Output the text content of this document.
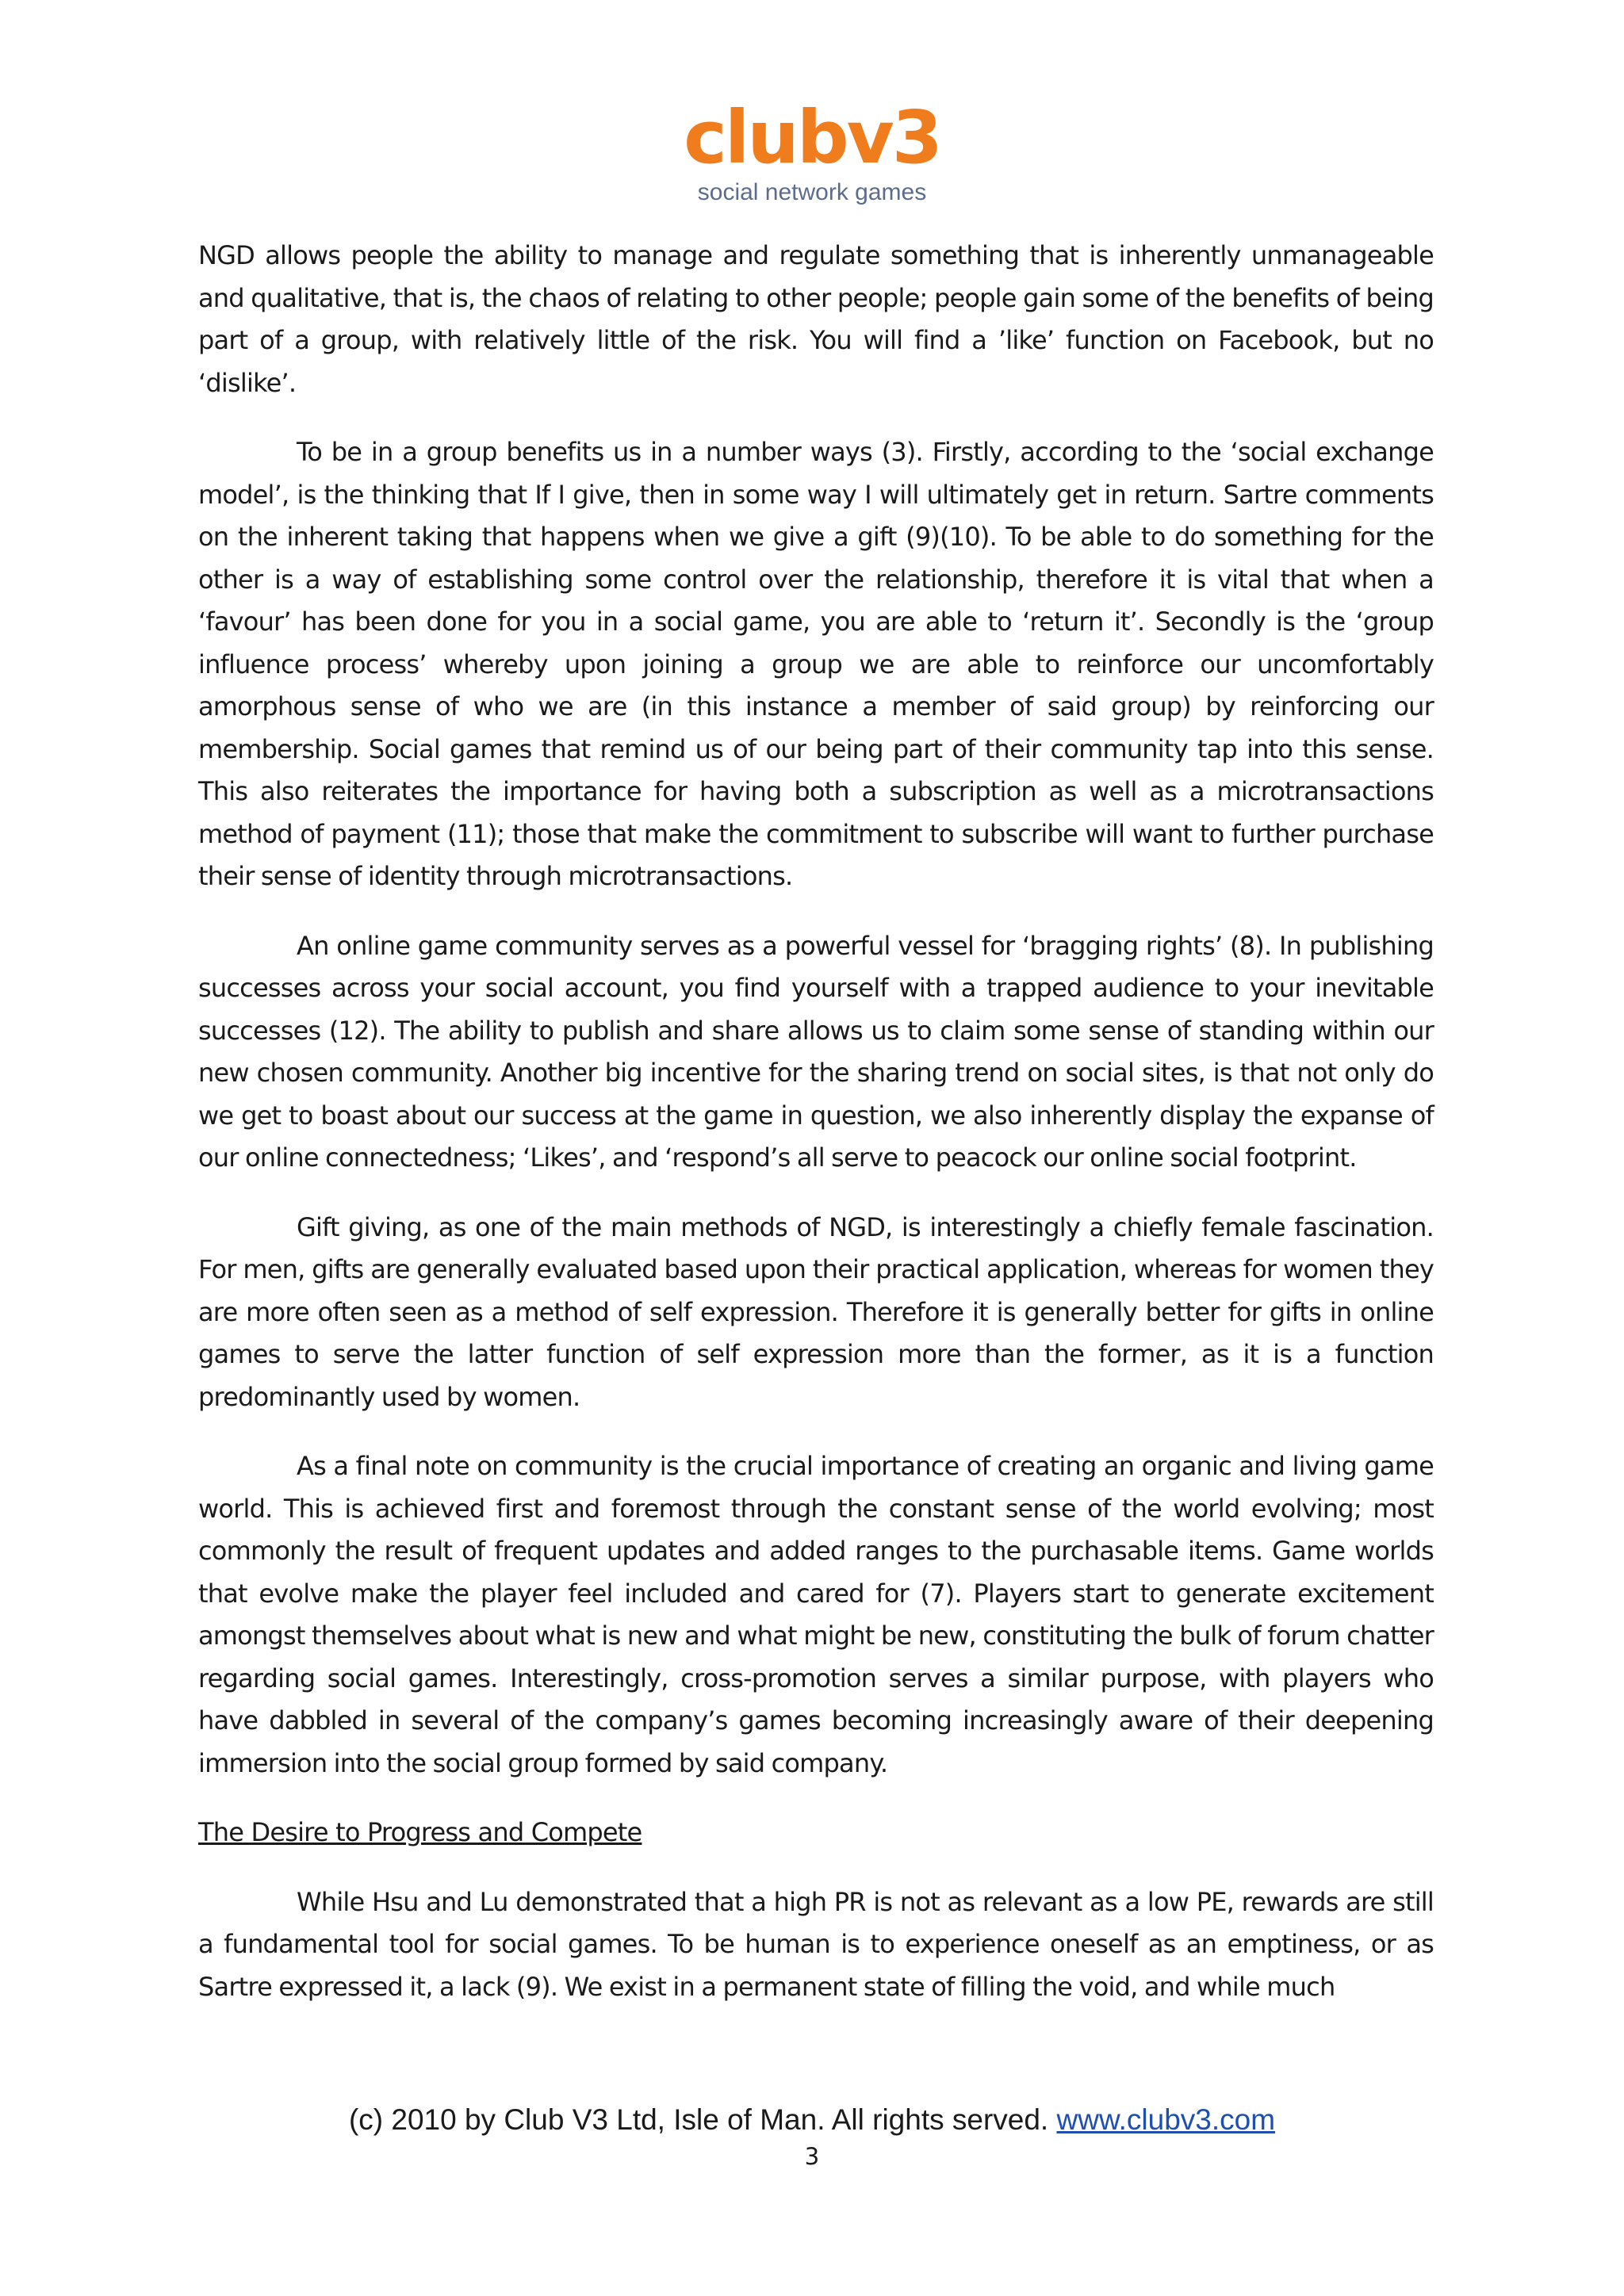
clubv3
social network games

NGD allows people the ability to manage and regulate something that is inherently unmanageable and qualitative, that is, the chaos of relating to other people; people gain some of the benefits of being part of a group, with relatively little of the risk. You will find a ’like’ function on Facebook, but no ‘dislike’.

To be in a group benefits us in a number ways (3). Firstly, according to the ‘social exchange model’, is the thinking that If I give, then in some way I will ultimately get in return. Sartre comments on the inherent taking that happens when we give a gift (9)(10). To be able to do something for the other is a way of establishing some control over the relationship, therefore it is vital that when a ‘favour’ has been done for you in a social game, you are able to ‘return it’. Secondly is the ‘group influence process’ whereby upon joining a group we are able to reinforce our uncomfortably amorphous sense of who we are (in this instance a member of said group) by reinforcing our membership. Social games that remind us of our being part of their community tap into this sense. This also reiterates the importance for having both a subscription as well as a microtransactions method of payment (11); those that make the commitment to subscribe will want to further purchase their sense of identity through microtransactions.

An online game community serves as a powerful vessel for ‘bragging rights’ (8). In publishing successes across your social account, you find yourself with a trapped audience to your inevitable successes (12). The ability to publish and share allows us to claim some sense of standing within our new chosen community. Another big incentive for the sharing trend on social sites, is that not only do we get to boast about our success at the game in question, we also inherently display the expanse of our online connectedness; ‘Likes’, and ‘respond’s all serve to peacock our online social footprint.

Gift giving, as one of the main methods of NGD, is interestingly a chiefly female fascination. For men, gifts are generally evaluated based upon their practical application, whereas for women they are more often seen as a method of self expression. Therefore it is generally better for gifts in online games to serve the latter function of self expression more than the former, as it is a function predominantly used by women.

As a final note on community is the crucial importance of creating an organic and living game world. This is achieved first and foremost through the constant sense of the world evolving; most commonly the result of frequent updates and added ranges to the purchasable items. Game worlds that evolve make the player feel included and cared for (7). Players start to generate excitement amongst themselves about what is new and what might be new, constituting the bulk of forum chatter regarding social games. Interestingly, cross-promotion serves a similar purpose, with players who have dabbled in several of the company’s games becoming increasingly aware of their deepening immersion into the social group formed by said company.

The Desire to Progress and Compete

While Hsu and Lu demonstrated that a high PR is not as relevant as a low PE, rewards are still a fundamental tool for social games. To be human is to experience oneself as an emptiness, or as Sartre expressed it, a lack (9). We exist in a permanent state of filling the void, and while much

(c) 2010 by Club V3 Ltd, Isle of Man. All rights served. www.clubv3.com
3
